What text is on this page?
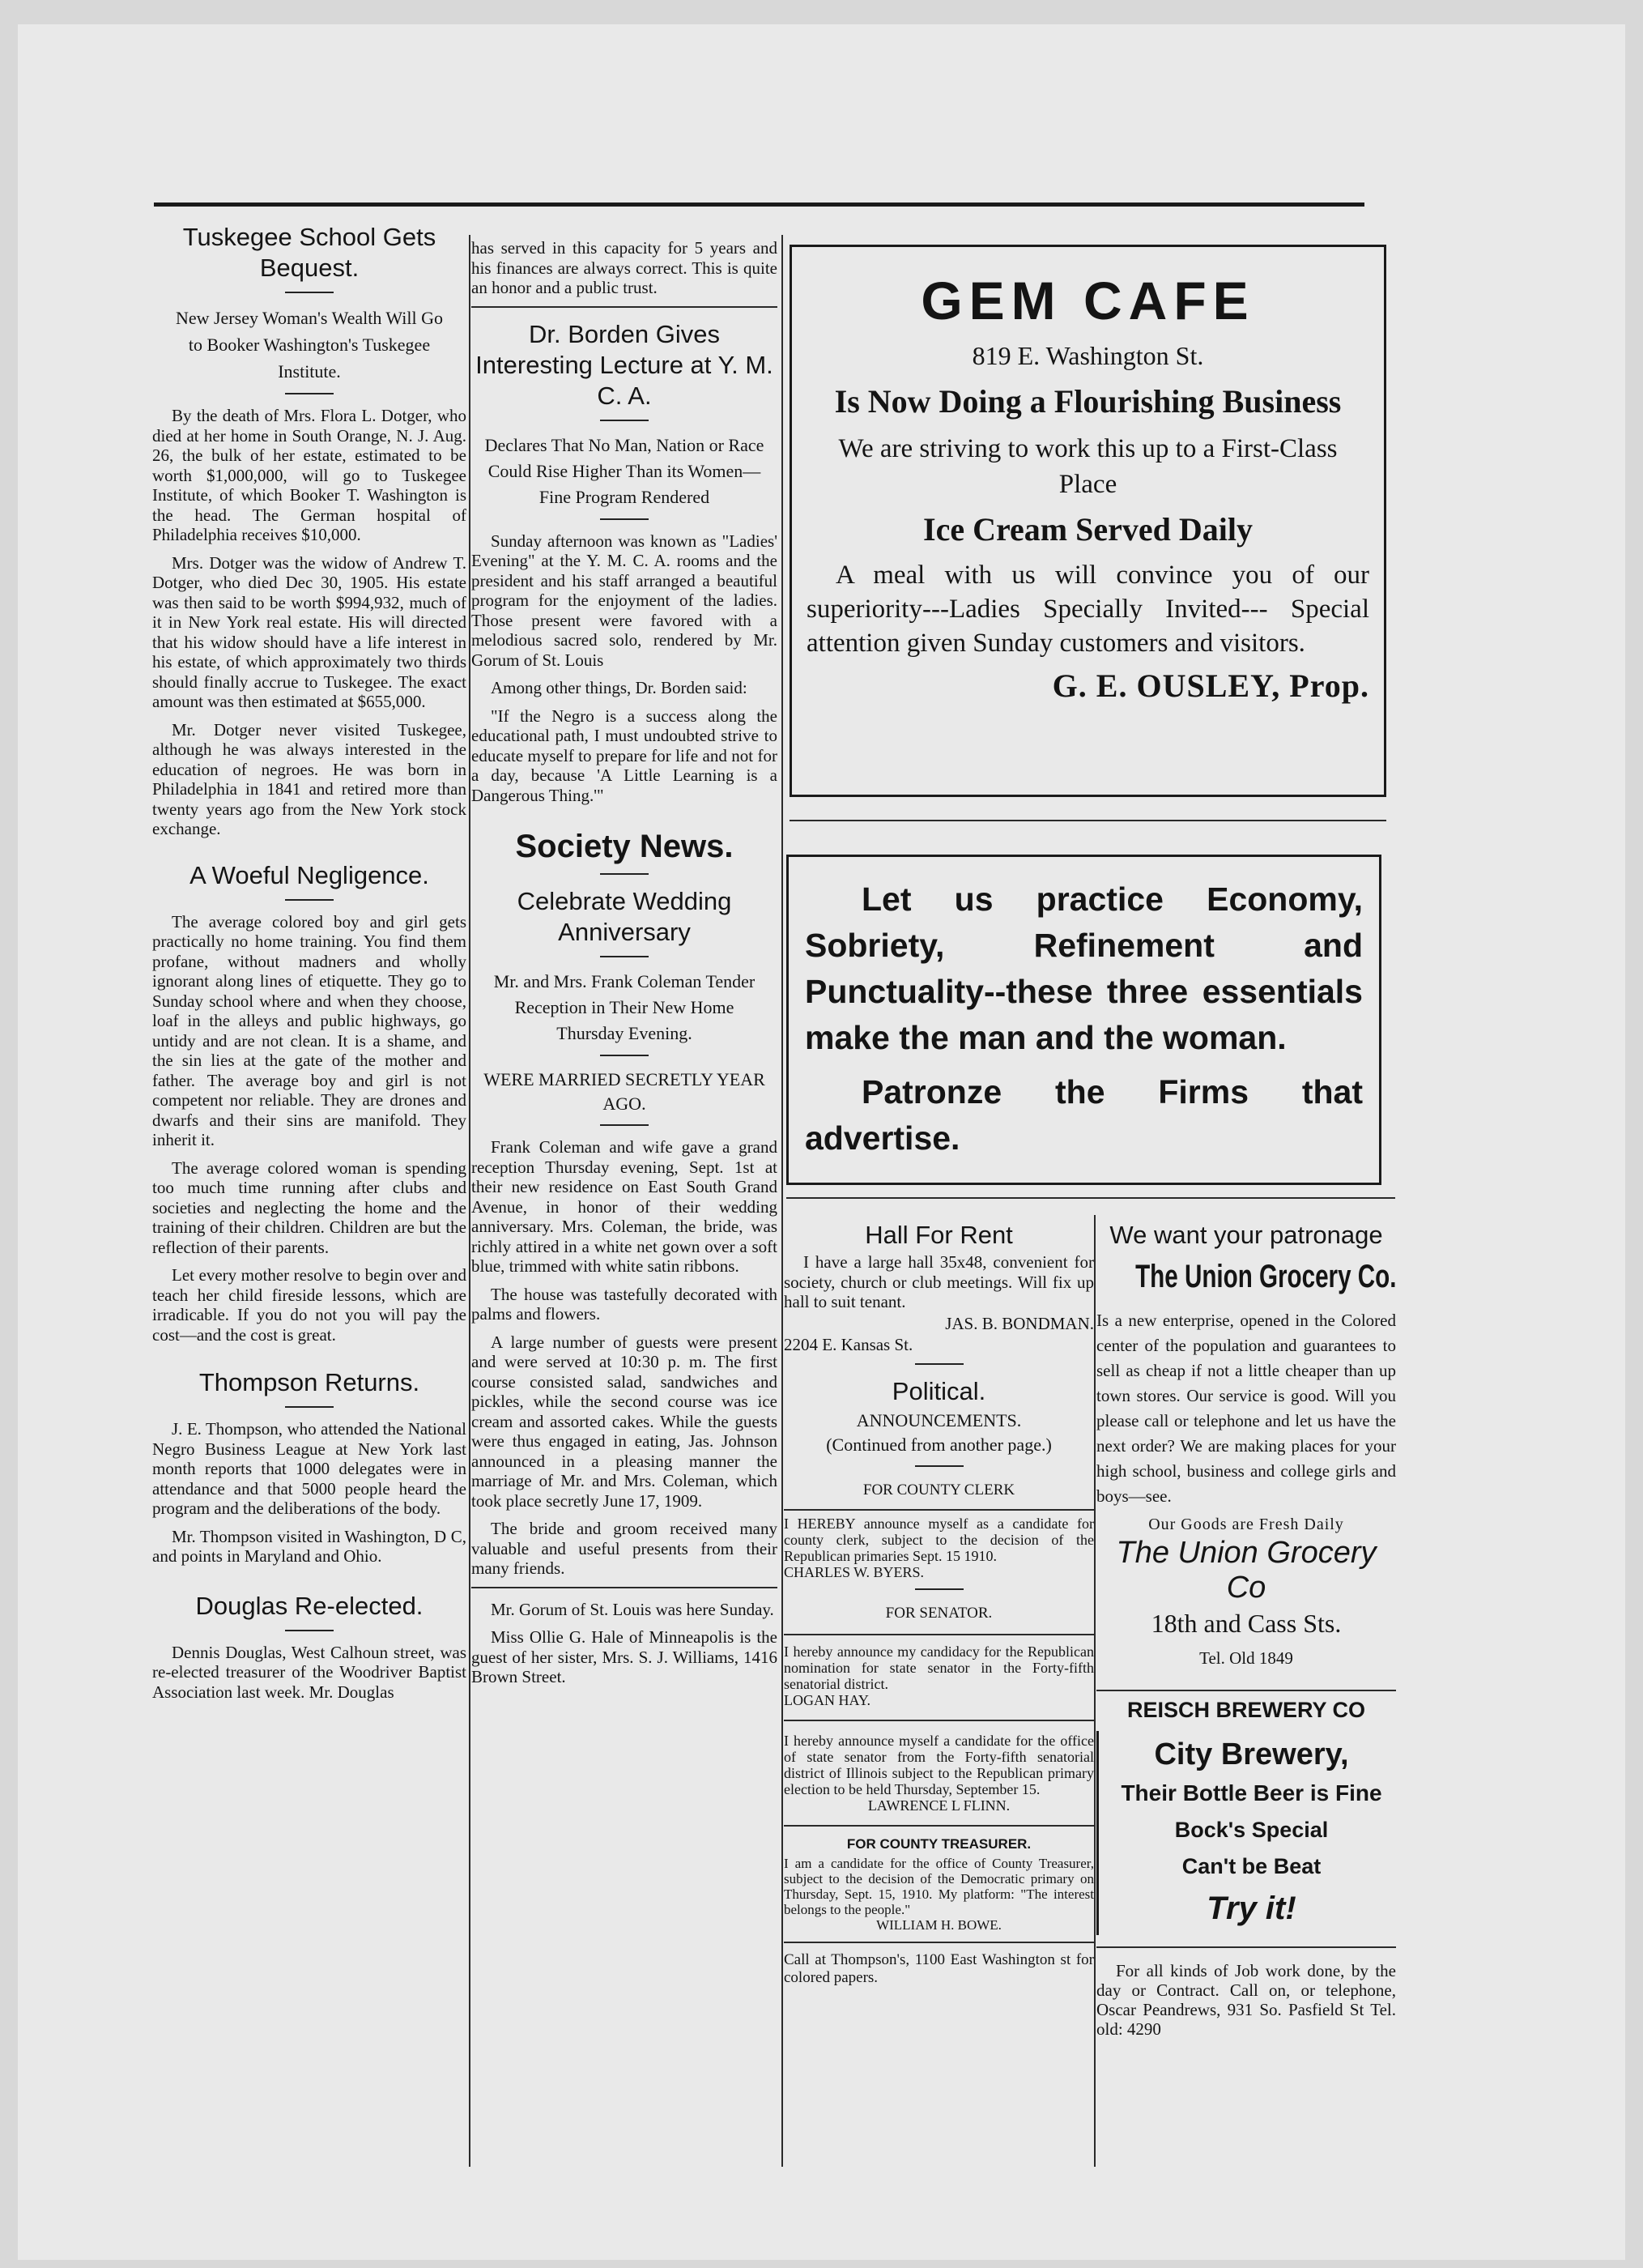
Tuskegee School Gets Bequest.
New Jersey Woman's Wealth Will Go to Booker Washington's Tuskegee Institute.
By the death of Mrs. Flora L. Dotger, who died at her home in South Orange, N. J. Aug. 26, the bulk of her estate, estimated to be worth $1,000,000, will go to Tuskegee Institute, of which Booker T. Washington is the head. The German hospital of Philadelphia receives $10,000.
Mrs. Dotger was the widow of Andrew T. Dotger, who died Dec 30, 1905. His estate was then said to be worth $994,932, much of it in New York real estate. His will directed that his widow should have a life interest in his estate, of which approximately two thirds should finally accrue to Tuskegee. The exact amount was then estimated at $655,000.
Mr. Dotger never visited Tuskegee, although he was always interested in the education of negroes. He was born in Philadelphia in 1841 and retired more than twenty years ago from the New York stock exchange.
A Woeful Negligence.
The average colored boy and girl gets practically no home training. You find them profane, without madners and wholly ignorant along lines of etiquette. They go to Sunday school where and when they choose, loaf in the alleys and public highways, go untidy and are not clean. It is a shame, and the sin lies at the gate of the mother and father. The average boy and girl is not competent nor reliable. They are drones and dwarfs and their sins are manifold. They inherit it.
The average colored woman is spending too much time running after clubs and societies and neglecting the home and the training of their children. Children are but the reflection of their parents.
Let every mother resolve to begin over and teach her child fireside lessons, which are irradicable. If you do not you will pay the cost—and the cost is great.
Thompson Returns.
J. E. Thompson, who attended the National Negro Business League at New York last month reports that 1000 delegates were in attendance and that 5000 people heard the program and the deliberations of the body.
Mr. Thompson visited in Washington, D C, and points in Maryland and Ohio.
Douglas Re-elected.
Dennis Douglas, West Calhoun street, was re-elected treasurer of the Woodriver Baptist Association last week. Mr. Douglas
has served in this capacity for 5 years and his finances are always correct. This is quite an honor and a public trust.
Dr. Borden Gives Interesting Lecture at Y. M. C. A.
Declares That No Man, Nation or Race Could Rise Higher Than its Women— Fine Program Rendered
Sunday afternoon was known as "Ladies' Evening" at the Y. M. C. A. rooms and the president and his staff arranged a beautiful program for the enjoyment of the ladies. Those present were favored with a melodious sacred solo, rendered by Mr. Gorum of St. Louis
Among other things, Dr. Borden said:
"If the Negro is a success along the educational path, I must undoubted strive to educate myself to prepare for life and not for a day, because 'A Little Learning is a Dangerous Thing.'"
Society News.
Celebrate Wedding Anniversary
Mr. and Mrs. Frank Coleman Tender Reception in Their New Home Thursday Evening.
WERE MARRIED SECRETLY YEAR AGO.
Frank Coleman and wife gave a grand reception Thursday evening, Sept. 1st at their new residence on East South Grand Avenue, in honor of their wedding anniversary. Mrs. Coleman, the bride, was richly attired in a white net gown over a soft blue, trimmed with white satin ribbons.
The house was tastefully decorated with palms and flowers.
A large number of guests were present and were served at 10:30 p. m. The first course consisted salad, sandwiches and pickles, while the second course was ice cream and assorted cakes. While the guests were thus engaged in eating, Jas. Johnson announced in a pleasing manner the marriage of Mr. and Mrs. Coleman, which took place secretly June 17, 1909.
The bride and groom received many valuable and useful presents from their many friends.
Mr. Gorum of St. Louis was here Sunday.
Miss Ollie G. Hale of Minneapolis is the guest of her sister, Mrs. S. J. Williams, 1416 Brown Street.
GEM CAFE
819 E. Washington St.
Is Now Doing a Flourishing Business
We are striving to work this up to a First-Class Place
Ice Cream Served Daily
A meal with us will convince you of our superiority---Ladies Specially Invited--- Special attention given Sunday customers and visitors.
G. E. OUSLEY, Prop.

Let us practice Economy, Sobriety, Refinement and Punctuality--these three essentials make the man and the woman.

Patronze the Firms that advertise.

Hall For Rent
I have a large hall 35x48, convenient for society, church or club meetings. Will fix up hall to suit tenant.
JAS. B. BONDMAN.
2204 E. Kansas St.
Political.
ANNOUNCEMENTS.
(Continued from another page.)
FOR COUNTY CLERK
I HEREBY announce myself as a candidate for county clerk, subject to the decision of the Republican primaries Sept. 15 1910.
CHARLES W. BYERS.
FOR SENATOR.
I hereby announce my candidacy for the Republican nomination for state senator in the Forty-fifth senatorial district.
LOGAN HAY.
I hereby announce myself a candidate for the office of state senator from the Forty-fifth senatorial district of Illinois subject to the Republican primary election to be held Thursday, September 15.
LAWRENCE L FLINN.
FOR COUNTY TREASURER.
I am a candidate for the office of County Treasurer, subject to the decision of the Democratic primary on Thursday, Sept. 15, 1910. My platform: "The interest belongs to the people."
WILLIAM H. BOWE.
Call at Thompson's, 1100 East Washington st for colored papers.
We want your patronage
The Union Grocery Co.
Is a new enterprise, opened in the Colored center of the population and guarantees to sell as cheap if not a little cheaper than up town stores. Our service is good. Will you please call or telephone and let us have the next order? We are making places for your high school, business and college girls and boys—see.
Our Goods are Fresh Daily
The Union Grocery Co
18th and Cass Sts.
Tel. Old 1849
REISCH BREWERY CO
City Brewery,
Their Bottle Beer is Fine
Bock's Special
Can't be Beat
Try it!
For all kinds of Job work done, by the day or Contract. Call on, or telephone, Oscar Peandrews, 931 So. Pasfield St Tel. old: 4290
